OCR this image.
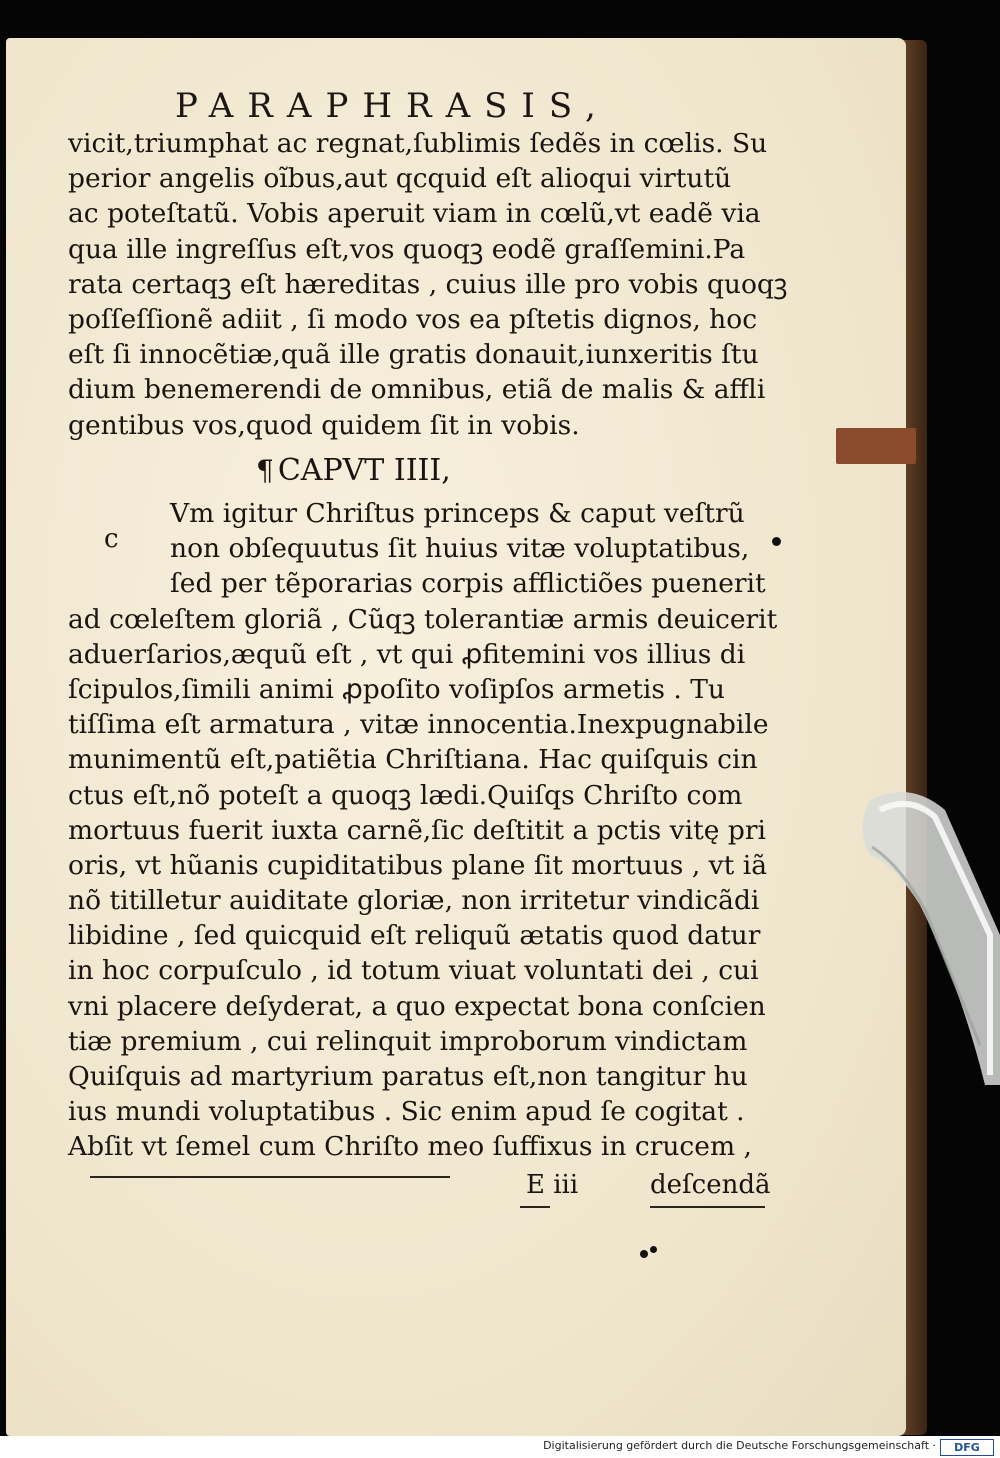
PARAPHRASIS,
vicit,triumphat ac regnat,ſublimis ſedẽs in cœlis. Su
perior angelis oĩbus,aut qcquid eſt alioqui virtutũ
ac poteſtatũ. Vobis aperuit viam in cœlũ,vt eadẽ via
qua ille ingreſſus eſt,vos quoqꝫ eodẽ graſſemini.Pa
rata certaqꝫ eſt hæreditas , cuius ille pro vobis quoqꝫ
poſſeſſionẽ adiit , ſi modo vos ea pſtetis dignos, hoc
eſt ſi innocẽtiæ,quã ille gratis donauit,iunxeritis ſtu
dium benemerendi de omnibus, etiã de malis & affli
gentibus vos,quod quidem ſit in vobis.
¶ CAPVT IIII,
c
Vm igitur Chriſtus princeps & caput veſtrũ
non obſequutus ſit huius vitæ voluptatibus,
ſed per tẽporarias corpis afflictiões puenerit
ad cœleſtem gloriã , Cũqꝫ tolerantiæ armis deuicerit
aduerſarios,æquũ eſt , vt qui ꝓfitemini vos illius di
ſcipulos,ſimili animi ꝓpoſito voſipſos armetis . Tu
tiſſima eſt armatura , vitæ innocentia.Inexpugnabile
munimentũ eſt,patiẽtia Chriſtiana. Hac quiſquis cin
ctus eſt,nõ poteſt a quoqꝫ lædi.Quiſqs Chriſto com
mortuus fuerit iuxta carnẽ,ſic deſtitit a pctis vitę pri
oris, vt hũanis cupiditatibus plane ſit mortuus , vt iã
nõ titilletur auiditate gloriæ, non irritetur vindicãdi
libidine , ſed quicquid eſt reliquũ ætatis quod datur
in hoc corpuſculo , id totum viuat voluntati dei , cui
vni placere deſyderat, a quo expectat bona conſcien
tiæ premium , cui relinquit improborum vindictam
Quiſquis ad martyrium paratus eſt,non tangitur hu
ius mundi voluptatibus . Sic enim apud ſe cogitat .
Abſit vt ſemel cum Chriſto meo ſuffixus in crucem ,
E iii	deſcendã
Digitalisierung gefördert durch die Deutsche Forschungsgemeinschaft ·	DFG
